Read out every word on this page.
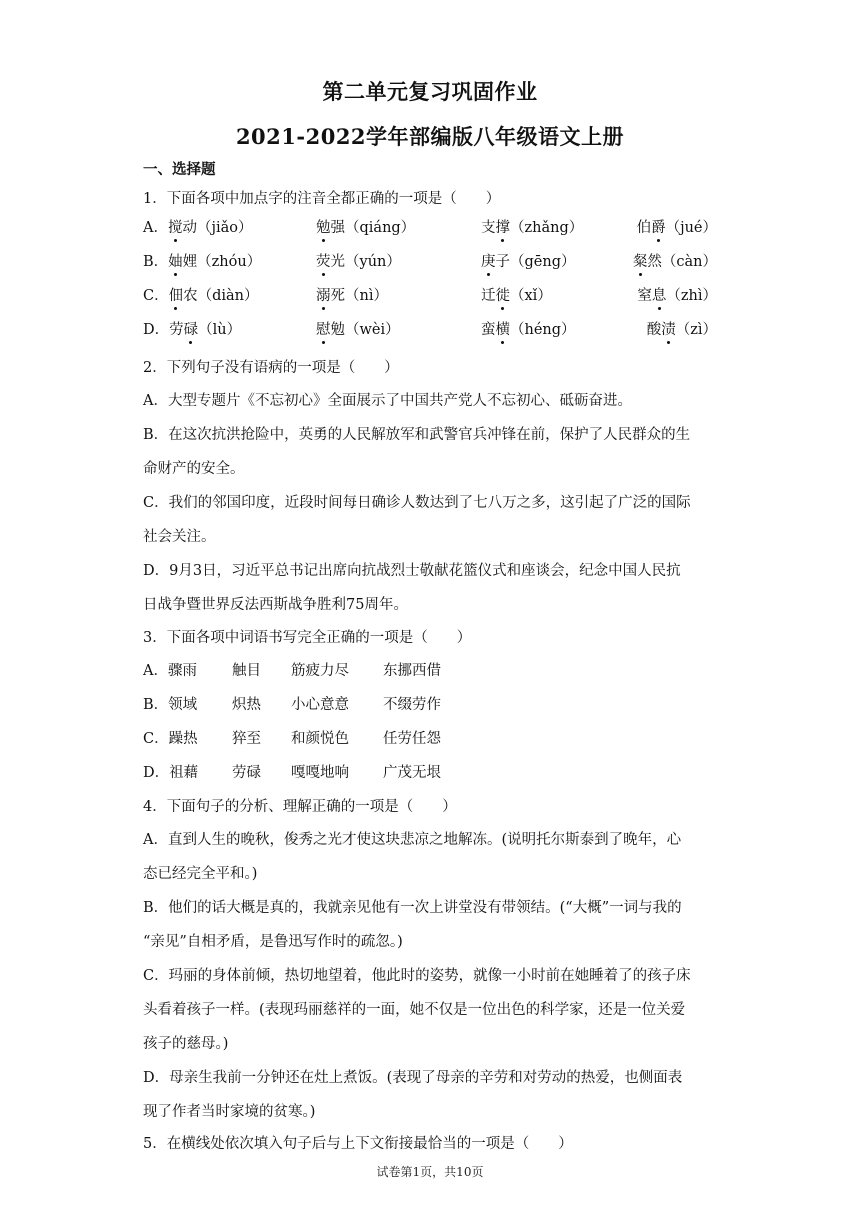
第二单元复习巩固作业
2021-2022学年部编版八年级语文上册
一、选择题
1．下面各项中加点字的注音全都正确的一项是（　　）
A．搅动（jiǎo）	勉强（qiáng）	支撑（zhǎng）	伯爵（jué）
B．妯娌（zhóu）	荧光（yún）	庚子（gēng）	粲然（càn）
C．佃农（diàn）	溺死（nì）	迁徙（xǐ）	窒息（zhì）
D．劳碌（lù）	慰勉（wèi）	蛮横（héng）	酸渍（zì）
2．下列句子没有语病的一项是（　　）
A．大型专题片《不忘初心》全面展示了中国共产党人不忘初心、砥砺奋进。
B．在这次抗洪抢险中，英勇的人民解放军和武警官兵冲锋在前，保护了人民群众的生
命财产的安全。
C．我们的邻国印度，近段时间每日确诊人数达到了七八万之多，这引起了广泛的国际
社会关注。
D．9月3日，习近平总书记出席向抗战烈士敬献花篮仪式和座谈会，纪念中国人民抗
日战争暨世界反法西斯战争胜利75周年。
3．下面各项中词语书写完全正确的一项是（　　）
A．骤雨 触目 筋疲力尽 东挪西借
B．领域 炽热 小心意意 不缀劳作
C．躁热 猝至 和颜悦色 任劳任怨
D．祖藉 劳碌 嘎嘎地响 广茂无垠
4．下面句子的分析、理解正确的一项是（　　）
A．直到人生的晚秋，俊秀之光才使这块悲凉之地解冻。(说明托尔斯泰到了晚年，心
态已经完全平和。)
B．他们的话大概是真的，我就亲见他有一次上讲堂没有带领结。(“大概”一词与我的
“亲见”自相矛盾，是鲁迅写作时的疏忽。)
C．玛丽的身体前倾，热切地望着，他此时的姿势，就像一小时前在她睡着了的孩子床
头看着孩子一样。(表现玛丽慈祥的一面，她不仅是一位出色的科学家，还是一位关爱
孩子的慈母。)
D．母亲生我前一分钟还在灶上煮饭。(表现了母亲的辛劳和对劳动的热爱，也侧面表
现了作者当时家境的贫寒。)
5．在横线处依次填入句子后与上下文衔接最恰当的一项是（　　）
试卷第1页，共10页
